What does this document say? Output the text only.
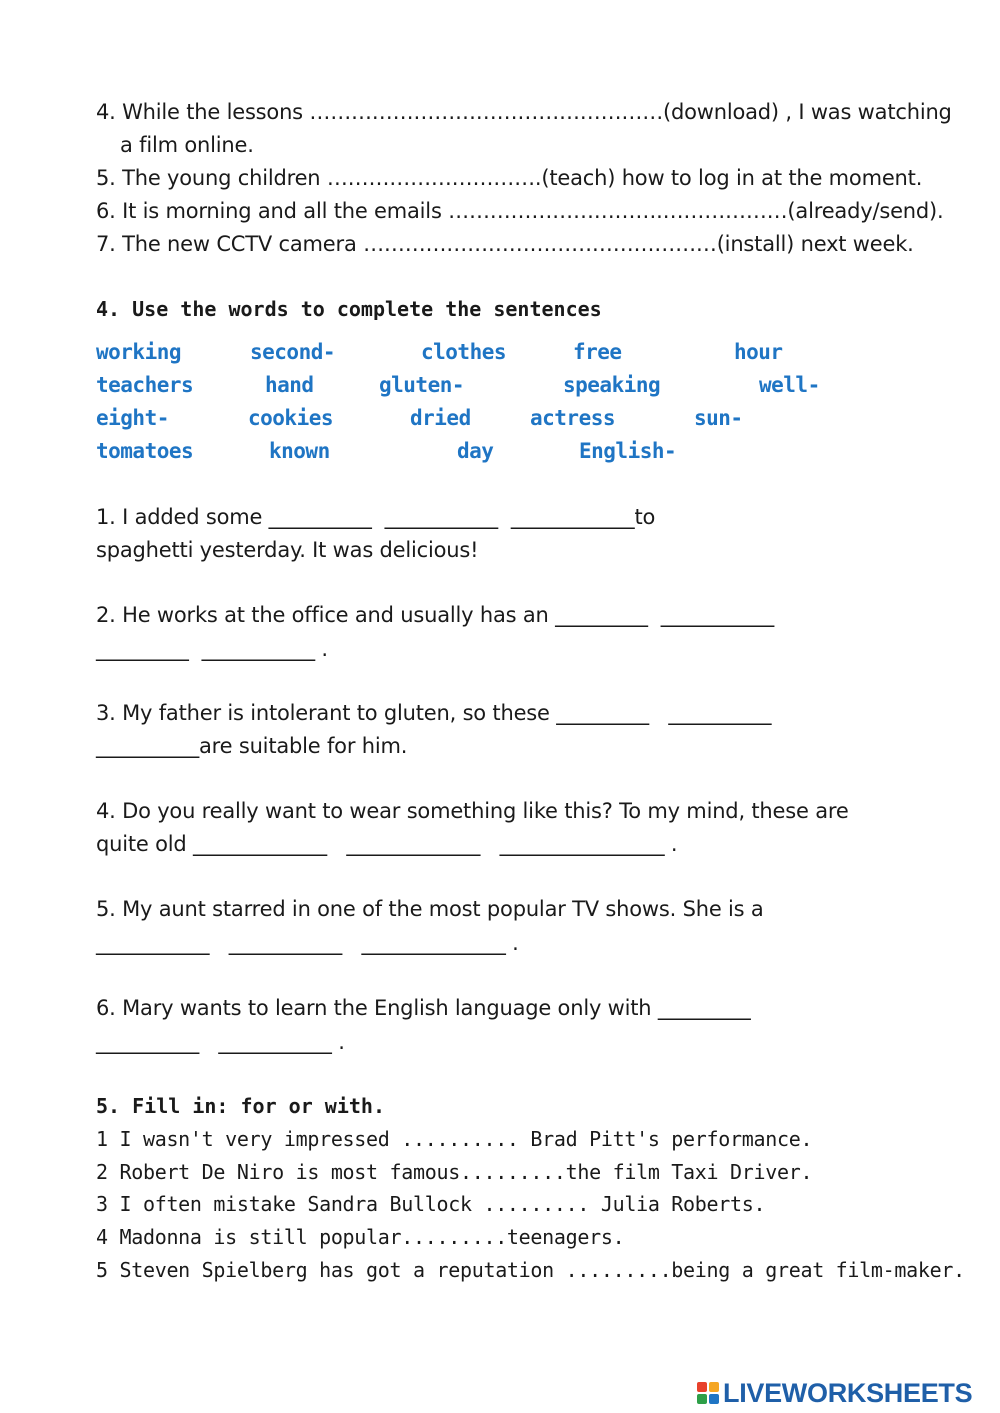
4. While the lessons ……………………………………………(download) , I was watching
a film online.
5. The young children ………………………….(teach) how to log in at the moment.
6. It is morning and all the emails ………………………….………………(already/send).
7. The new CCTV camera ……………………………………………(install) next week.
4. Use the words to complete the sentences
working	second-	clothes	free	hour
teachers	hand	gluten-	speaking	well-
eight-	cookies	dried	actress	sun-
tomatoes	known	day	English-
1. I added some __________  ___________  ____________to
spaghetti yesterday. It was delicious!
2. He works at the office and usually has an _________  ___________
_________  ___________ .
3. My father is intolerant to gluten, so these _________   __________
__________are suitable for him.
4. Do you really want to wear something like this? To my mind, these are
quite old _____________   _____________   ________________ .
5. My aunt starred in one of the most popular TV shows. She is a
___________   ___________   ______________ .
6. Mary wants to learn the English language only with _________
__________   ___________ .
5. Fill in: for or with.
1 I wasn't very impressed .......... Brad Pitt's performance.
2 Robert De Niro is most famous.........the film Taxi Driver.
3 I often mistake Sandra Bullock ......... Julia Roberts.
4 Madonna is still popular.........teenagers.
5 Steven Spielberg has got a reputation .........being a great film-maker.
LIVEWORKSHEETS
